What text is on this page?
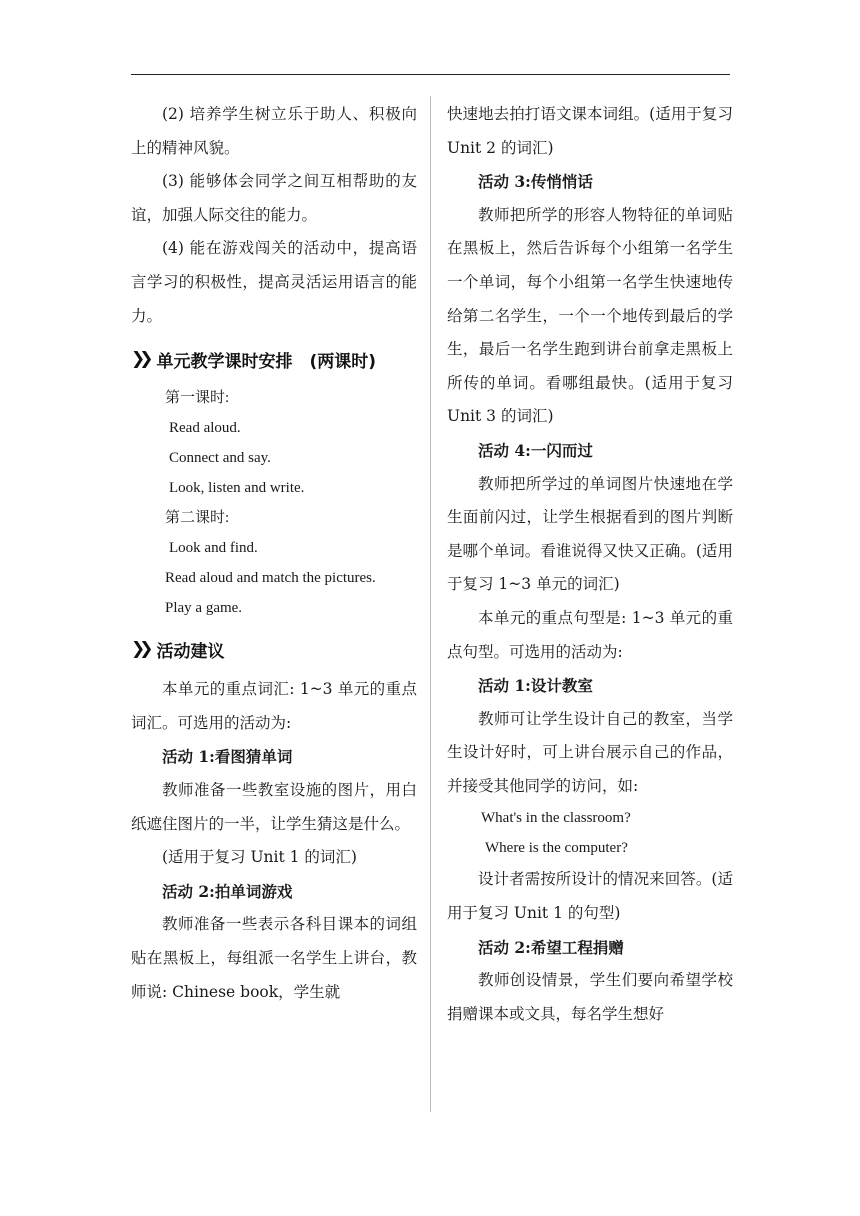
(2) 培养学生树立乐于助人、积极向上的精神风貌。

(3) 能够体会同学之间互相帮助的友谊，加强人际交往的能力。

(4) 能在游戏闯关的活动中，提高语言学习的积极性，提高灵活运用语言的能力。

❯❯ 单元教学课时安排　(两课时)

第一课时:

Read aloud.

Connect and say.

Look, listen and write.

第二课时:

Look and find.

Read aloud and match the pictures.

Play a game.

❯❯ 活动建议

本单元的重点词汇: 1~3 单元的重点词汇。可选用的活动为:

活动 1:看图猜单词

教师准备一些教室设施的图片，用白纸遮住图片的一半，让学生猜这是什么。

(适用于复习 Unit 1 的词汇)

活动 2:拍单词游戏

教师准备一些表示各科目课本的词组贴在黑板上，每组派一名学生上讲台，教师说: Chinese book，学生就

快速地去拍打语文课本词组。(适用于复习 Unit 2 的词汇)

活动 3:传悄悄话

教师把所学的形容人物特征的单词贴在黑板上，然后告诉每个小组第一名学生一个单词，每个小组第一名学生快速地传给第二名学生，一个一个地传到最后的学生，最后一名学生跑到讲台前拿走黑板上所传的单词。看哪组最快。(适用于复习 Unit 3 的词汇)

活动 4:一闪而过

教师把所学过的单词图片快速地在学生面前闪过，让学生根据看到的图片判断是哪个单词。看谁说得又快又正确。(适用于复习 1~3 单元的词汇)

本单元的重点句型是: 1~3 单元的重点句型。可选用的活动为:

活动 1:设计教室

教师可让学生设计自己的教室，当学生设计好时，可上讲台展示自己的作品，并接受其他同学的访问，如:

What's in the classroom?

Where is the computer?

设计者需按所设计的情况来回答。(适用于复习 Unit 1 的句型)

活动 2:希望工程捐赠

教师创设情景，学生们要向希望学校捐赠课本或文具，每名学生想好
